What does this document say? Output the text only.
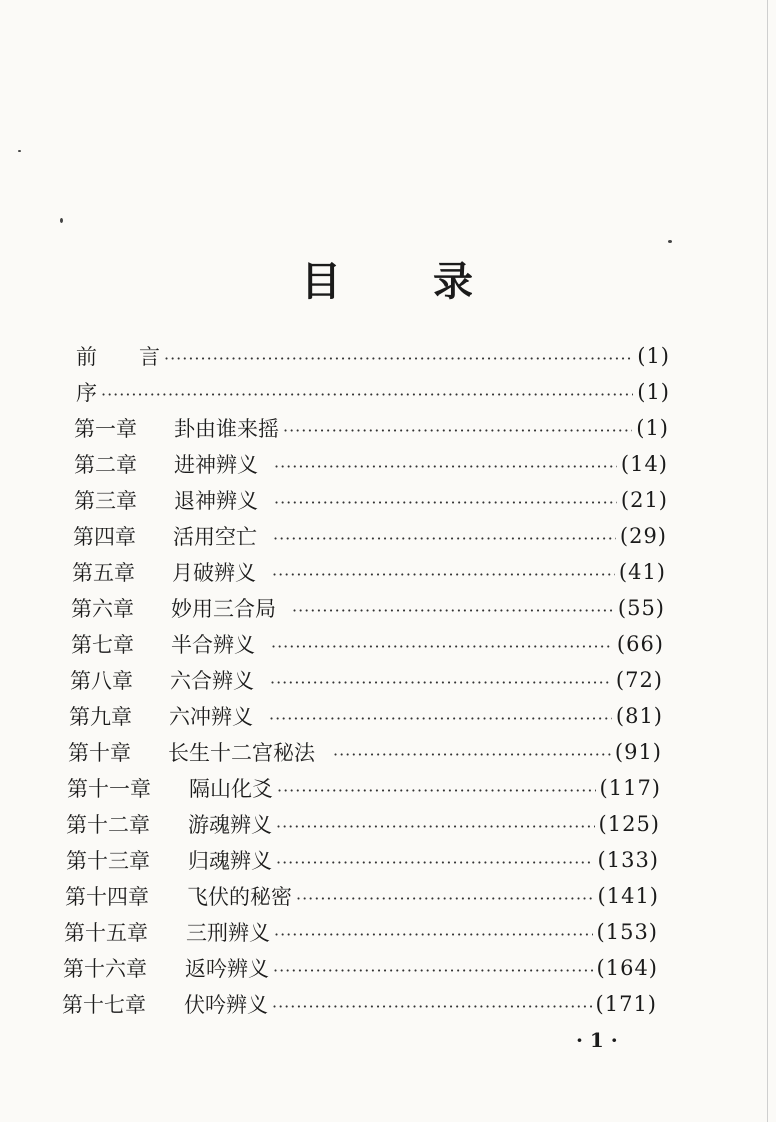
目 录
前　　言 ·····	(1)
序 ·····	(1)
第一章	卦由谁来摇 ·····	(1)
第二章	进神辨义 ·····	(14)
第三章	退神辨义 ·····	(21)
第四章	活用空亡 ·····	(29)
第五章	月破辨义 ·····	(41)
第六章	妙用三合局 ·····	(55)
第七章	半合辨义 ·····	(66)
第八章	六合辨义 ·····	(72)
第九章	六冲辨义 ·····	(81)
第十章	长生十二宫秘法 ·····	(91)
第十一章	隔山化爻 ·····	(117)
第十二章	游魂辨义 ·····	(125)
第十三章	归魂辨义 ·····	(133)
第十四章	飞伏的秘密 ·····	(141)
第十五章	三刑辨义 ·····	(153)
第十六章	返吟辨义 ·····	(164)
第十七章	伏吟辨义 ·····	(171)
· 1 ·
